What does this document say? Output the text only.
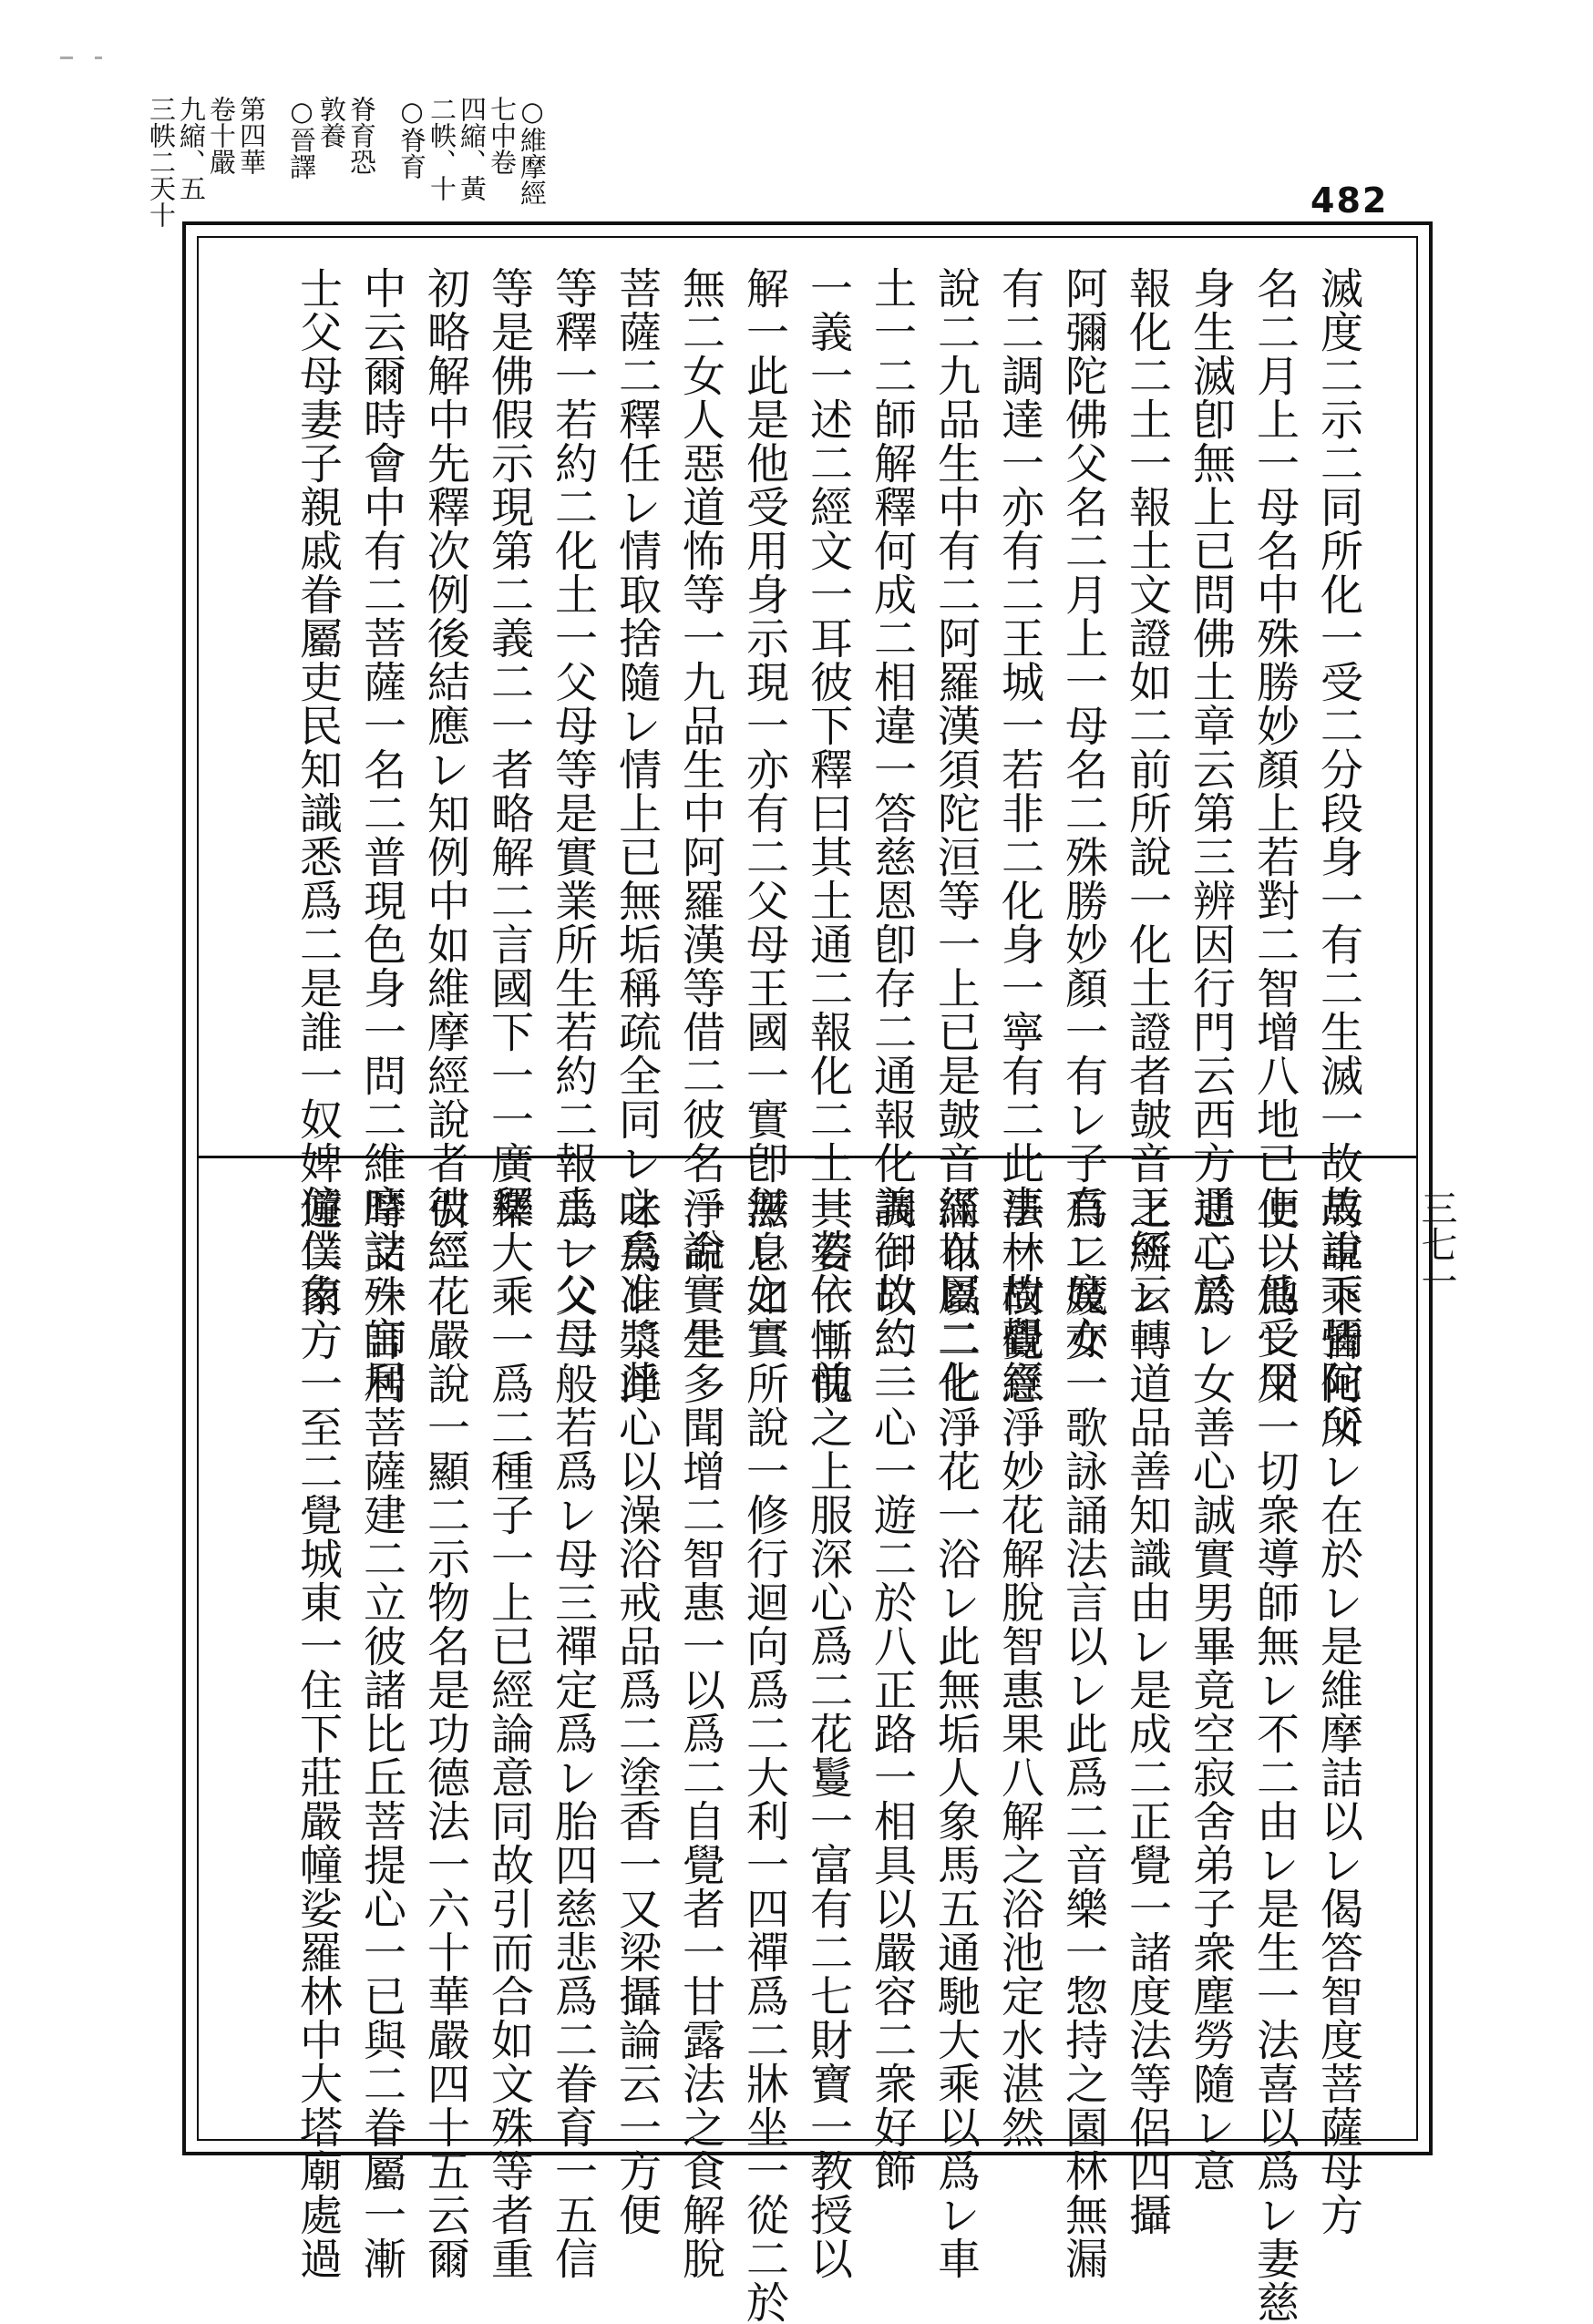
○維摩經
七中卷
四縮、黃
二帙、十
○脊育
脊育恐
敦養
○晉譯
第四華
卷十嚴
九縮、五
三帙二天十	482
三七一
滅度二示二同所化一受二分段身一有二生滅一故故說下彌陀父
名二月上一母名中殊勝妙顏上若對二智增八地已上一他受用
身生滅卽無上已問佛土章云第三辨因行門云西方通二於
報化二土一報土文證如二前所說一化土證者皷音王經云
阿彌陀佛父名二月上一母名二殊勝妙顏一有レ子有レ魔亦
有二調達一亦有二王城一若非二化身一寧有二此事一故觀經
說二九品生中有二阿羅漢須陀洹等一上已是皷音經以屬二化
土一二師解釋何成二相違一答慈恩卽存二通報化義一故約二
一義一述二經文一耳彼下釋曰其土通二報化二土一若依二前
解一此是他受用身示現一亦有二父母王國一實卽無レ之實
無二女人惡道怖等一九品生中阿羅漢等借二彼名一說實是
菩薩二釋任レ情取捨隨レ情上已無垢稱疏全同レ之矣准二此
等釋一若約二化土一父母等是實業所生若約二報土一父母
等是佛假示現第二義二一者略解二言國下一一廣釋
初略解中先釋次例後結應レ知例中如維摩經說者彼經
中云爾時會中有二菩薩一名二普現色身一問二維摩詰一言居
士父母妻子親戚眷屬吏民知識悉爲二是誰一奴婢僮僕象
馬車乘皆何所レ在於レ是維摩詰以レ偈答智度菩薩母方
便以爲レ父一切衆導師無レ不二由レ是生一法喜以爲レ妻慈
悲心爲レ女善心誠實男畢竟空寂舍弟子衆塵勞隨レ意
之所レ轉道品善知識由レ是成二正覺一諸度法等侶四攝
爲二妓女一歌詠誦法言以レ此爲二音樂一惣持之園林無漏
法林樹覺意淨妙花解脫智惠果八解之浴池定水湛然
滿布以二七淨花一浴レ此無垢人象馬五通馳大乘以爲レ車
調御以二一心一遊二於八正路一相具以嚴容二衆好飾
其姿一慚愧之上服深心爲二花鬘一富有二七財寶一教授以
滋息如二所說一修行迴向爲二大利一四禪爲二牀坐一從二於
淨命一生多聞增二智惠一以爲二自覺者一甘露法之食解脫
味爲レ漿淨心以澡浴戒品爲二塗香一又梁攝論云一方便
爲レ父二般若爲レ母三禪定爲レ胎四慈悲爲二眷育一五信
樂大乘一爲二種子一上已經論意同故引而合如文殊等者重
引二花嚴說一顯二示物名是功德法一六十華嚴四十五云爾
時文殊師利菩薩建二立彼諸比丘菩提心一已與二眷屬一漸
遊二南方一至二覺城東一住下莊嚴幢娑羅林中大塔廟處過
